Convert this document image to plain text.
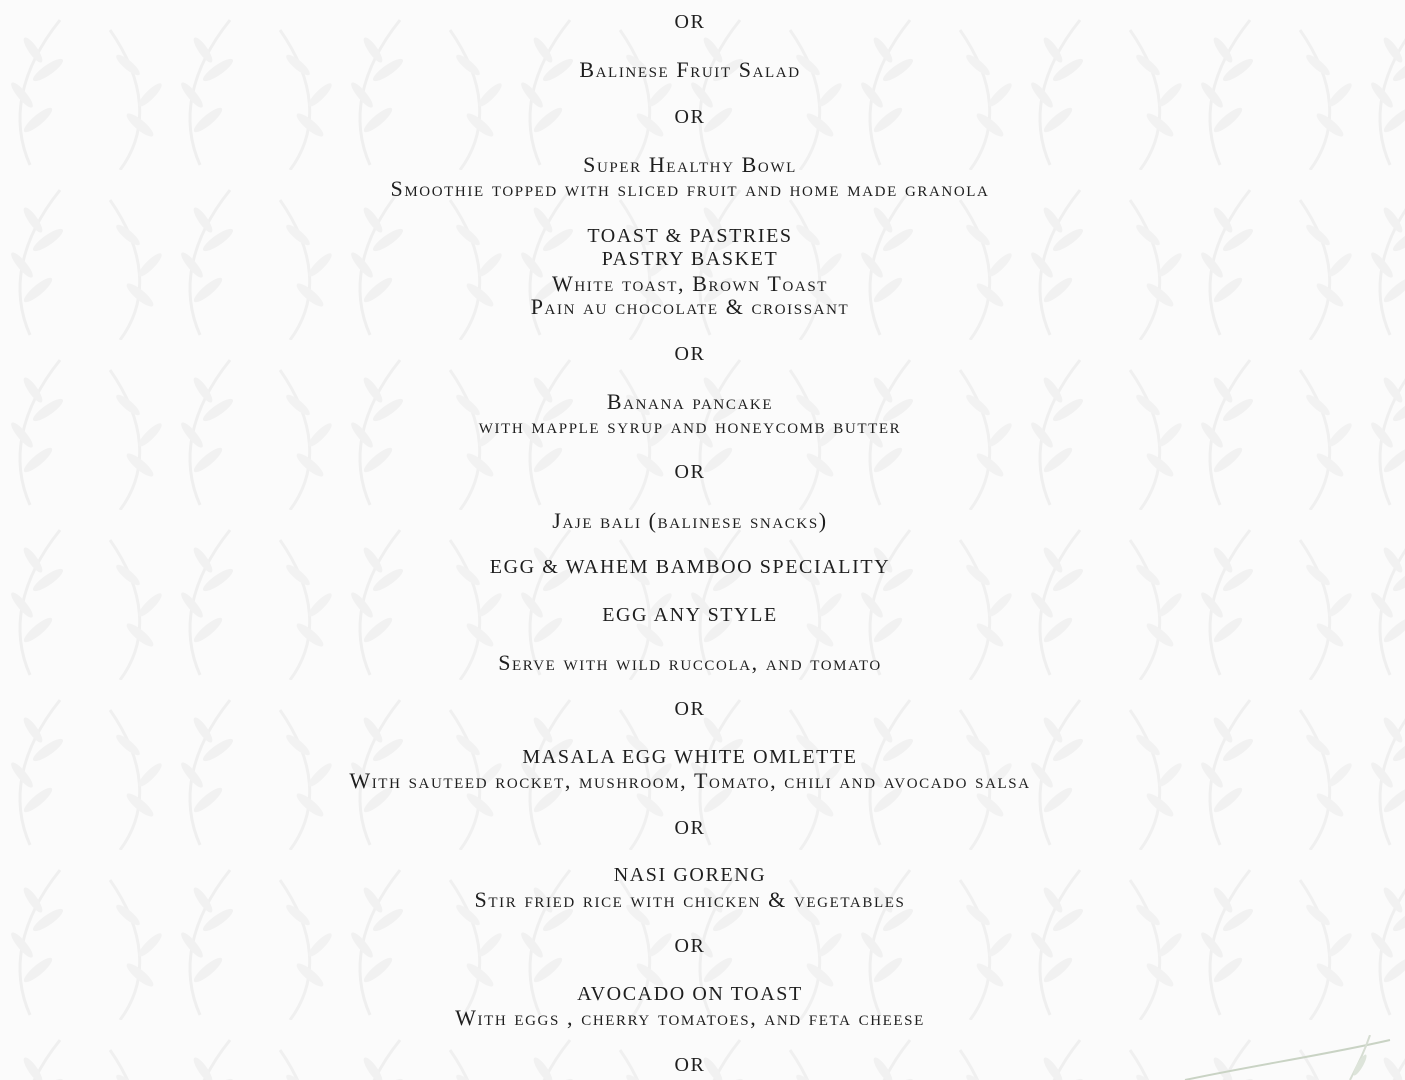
OR
Balinese Fruit Salad
OR
Super Healthy Bowl
Smoothie topped with sliced fruit and home made granola
TOAST & PASTRIES
PASTRY BASKET
White toast, Brown Toast
Pain au chocolate & croissant
OR
Banana pancake
with mapple syrup and honeycomb butter
OR
Jaje bali (balinese snacks)
EGG & WAHEM BAMBOO SPECIALITY
EGG ANY STYLE
Serve with wild ruccola, and tomato
OR
MASALA EGG WHITE OMLETTE
With sauteed rocket, mushroom, Tomato, chili and avocado salsa
OR
NASI GORENG
Stir fried rice with chicken & vegetables
OR
AVOCADO ON TOAST
With eggs , cherry tomatoes, and feta cheese
OR
